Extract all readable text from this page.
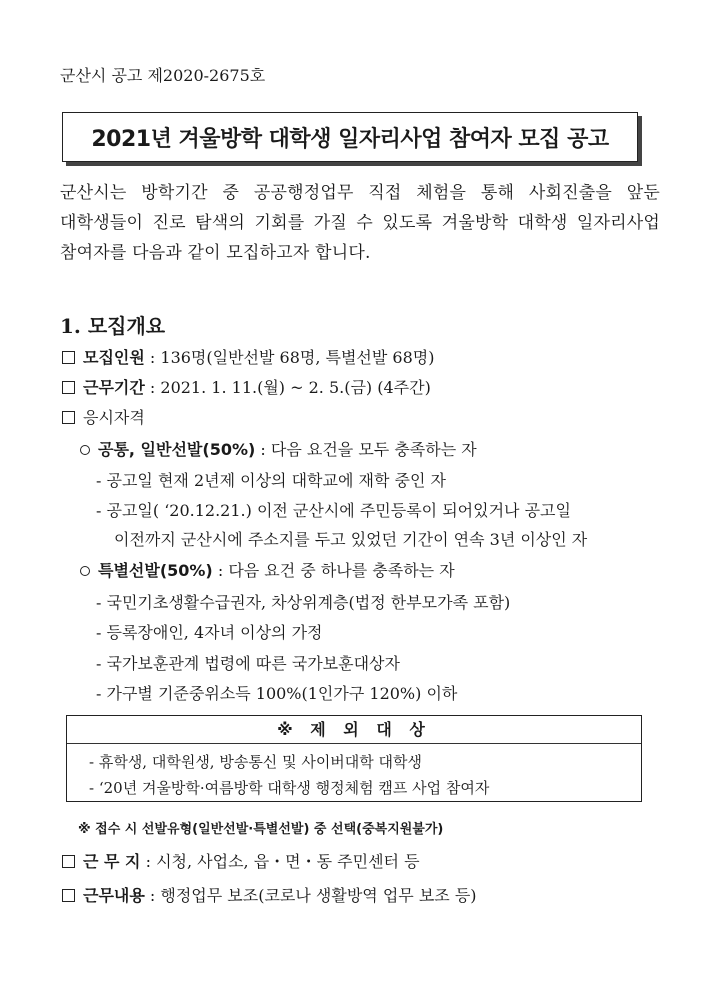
군산시 공고 제2020-2675호
2021년 겨울방학 대학생 일자리사업 참여자 모집 공고
군산시는 방학기간 중 공공행정업무 직접 체험을 통해 사회진출을 앞둔 대학생들이 진로 탐색의 기회를 가질 수 있도록 겨울방학 대학생 일자리사업 참여자를 다음과 같이 모집하고자 합니다.
1. 모집개요
모집인원 : 136명(일반선발 68명, 특별선발 68명)
근무기간 : 2021. 1. 11.(월) ~ 2. 5.(금) (4주간)
응시자격
공통, 일반선발(50%) : 다음 요건을 모두 충족하는 자
- 공고일 현재 2년제 이상의 대학교에 재학 중인 자
- 공고일( ‘20.12.21.) 이전 군산시에 주민등록이 되어있거나 공고일
이전까지 군산시에 주소지를 두고 있었던 기간이 연속 3년 이상인 자
특별선발(50%) : 다음 요건 중 하나를 충족하는 자
- 국민기초생활수급권자, 차상위계층(법정 한부모가족 포함)
- 등록장애인, 4자녀 이상의 가정
- 국가보훈관계 법령에 따른 국가보훈대상자
- 가구별 기준중위소득 100%(1인가구 120%) 이하
※ 제 외 대 상
- 휴학생, 대학원생, 방송통신 및 사이버대학 대학생
- ‘20년 겨울방학·여름방학 대학생 행정체험 캠프 사업 참여자
※ 접수 시 선발유형(일반선발·특별선발) 중 선택(중복지원불가)
근 무 지 : 시청, 사업소, 읍・면・동 주민센터 등
근무내용 : 행정업무 보조(코로나 생활방역 업무 보조 등)
